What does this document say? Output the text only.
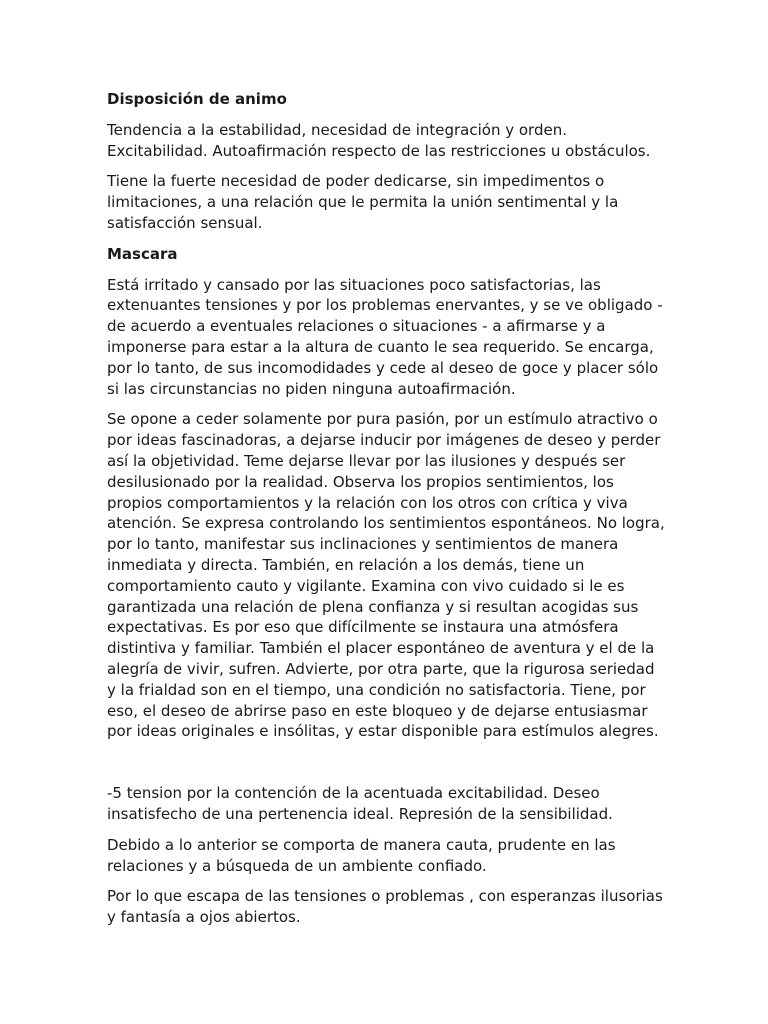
Disposición de animo

Tendencia a la estabilidad, necesidad de integración y orden. Excitabilidad. Autoafirmación respecto de las restricciones u obstáculos.

Tiene la fuerte necesidad de poder dedicarse, sin impedimentos o limitaciones, a una relación que le permita la unión sentimental y la satisfacción sensual.

Mascara

Está irritado y cansado por las situaciones poco satisfactorias, las extenuantes tensiones y por los problemas enervantes, y se ve obligado - de acuerdo a eventuales relaciones o situaciones - a afirmarse y a imponerse para estar a la altura de cuanto le sea requerido. Se encarga, por lo tanto, de sus incomodidades y cede al deseo de goce y placer sólo si las circunstancias no piden ninguna autoafirmación.

Se opone a ceder solamente por pura pasión, por un estímulo atractivo o por ideas fascinadoras, a dejarse inducir por imágenes de deseo y perder así la objetividad. Teme dejarse llevar por las ilusiones y después ser desilusionado por la realidad. Observa los propios sentimientos, los propios comportamientos y la relación con los otros con crítica y viva atención. Se expresa controlando los sentimientos espontáneos. No logra, por lo tanto, manifestar sus inclinaciones y sentimientos de manera inmediata y directa. También, en relación a los demás, tiene un comportamiento cauto y vigilante. Examina con vivo cuidado si le es garantizada una relación de plena confianza y si resultan acogidas sus expectativas. Es por eso que difícilmente se instaura una atmósfera distintiva y familiar. También el placer espontáneo de aventura y el de la alegría de vivir, sufren. Advierte, por otra parte, que la rigurosa seriedad y la frialdad son en el tiempo, una condición no satisfactoria. Tiene, por eso, el deseo de abrirse paso en este bloqueo y de dejarse entusiasmar por ideas originales e insólitas, y estar disponible para estímulos alegres.

-5 tension por la contención de la acentuada excitabilidad. Deseo insatisfecho de una pertenencia ideal. Represión de la sensibilidad.

Debido a lo anterior se comporta de manera cauta, prudente en las relaciones y a búsqueda de un ambiente confiado.

Por lo que escapa de las tensiones o problemas , con esperanzas ilusorias y fantasía a ojos abiertos.
